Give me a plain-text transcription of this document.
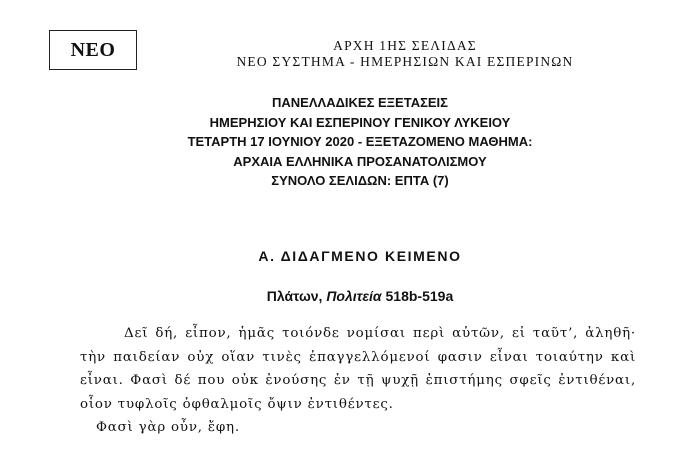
ΝΕΟ	ΑΡΧΗ 1ΗΣ ΣΕΛΙΔΑΣ
ΝΕΟ ΣΥΣΤΗΜΑ - ΗΜΕΡΗΣΙΩΝ ΚΑΙ ΕΣΠΕΡΙΝΩΝ
ΠΑΝΕΛΛΑΔΙΚΕΣ ΕΞΕΤΑΣΕΙΣ
ΗΜΕΡΗΣΙΟΥ ΚΑΙ ΕΣΠΕΡΙΝΟΥ ΓΕΝΙΚΟΥ ΛΥΚΕΙΟΥ
ΤΕΤΑΡΤΗ 17 ΙΟΥΝΙΟΥ 2020 - ΕΞΕΤΑΖΟΜΕΝΟ ΜΑΘΗΜΑ:
ΑΡΧΑΙΑ ΕΛΛΗΝΙΚΑ ΠΡΟΣΑΝΑΤΟΛΙΣΜΟΥ
ΣΥΝΟΛΟ ΣΕΛΙΔΩΝ: ΕΠΤΑ (7)
Α. ΔΙΔΑΓΜΕΝΟ ΚΕΙΜΕΝΟ
Πλάτων, Πολιτεία 518b-519a

Δεῖ δή, εἶπον, ἡμᾶς τοιόνδε νομίσαι περὶ αὐτῶν, εἰ ταῦτ’, ἀληθῆ· τὴν παιδείαν οὐχ οἵαν τινὲς ἐπαγγελλόμενοί φασιν εἶναι τοιαύτην καὶ εἶναι. Φασὶ δέ που οὐκ ἐνούσης ἐν τῇ ψυχῇ ἐπιστήμης σφεῖς ἐντιθέναι, οἷον τυφλοῖς ὀφθαλμοῖς ὄψιν ἐντιθέντες.

Φασὶ γὰρ οὖν, ἔφη.
